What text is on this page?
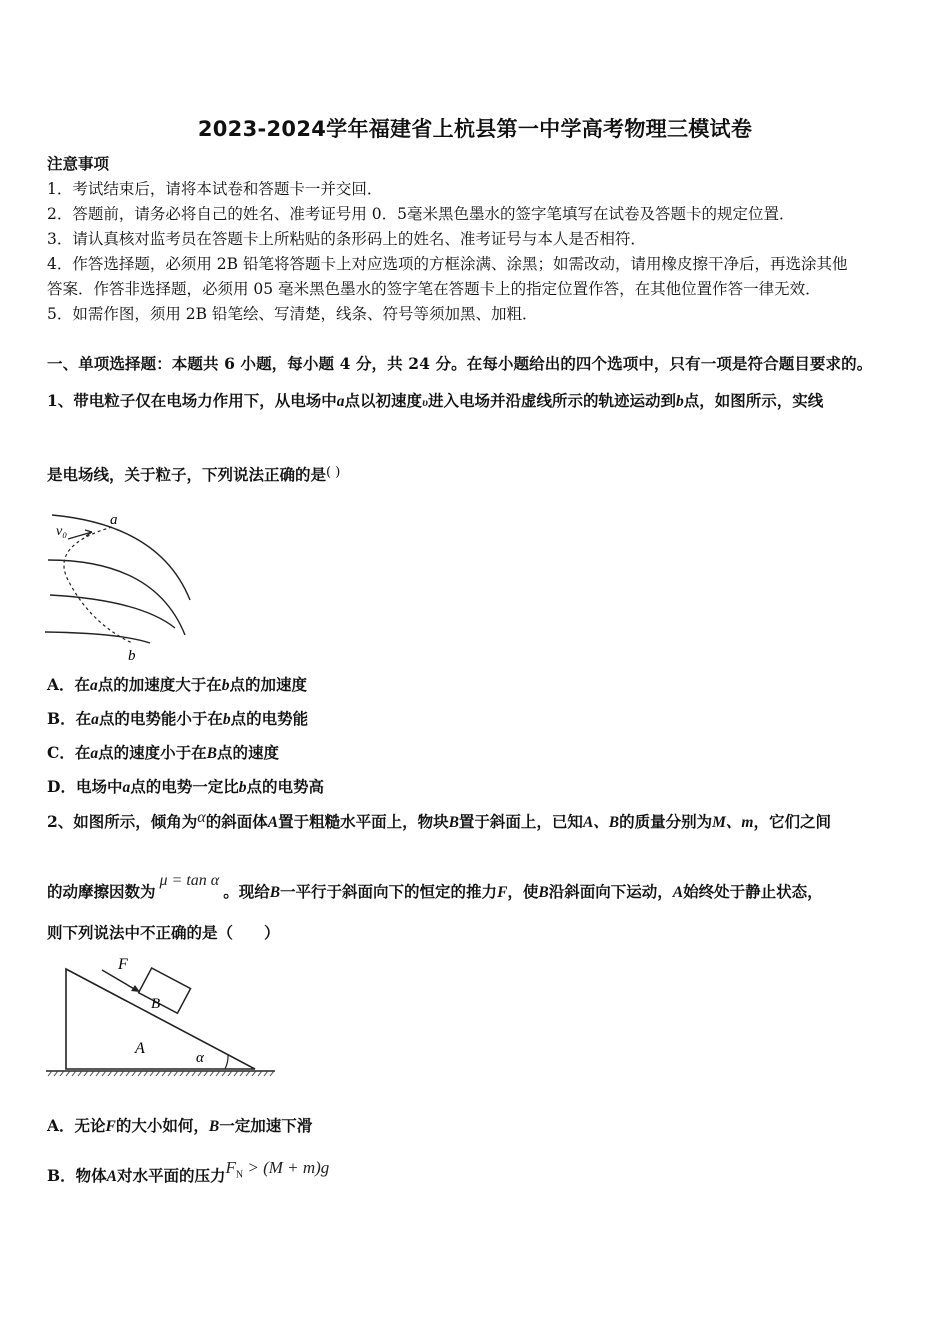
2023-2024学年福建省上杭县第一中学高考物理三模试卷
注意事项
1．考试结束后，请将本试卷和答题卡一并交回．
2．答题前，请务必将自己的姓名、准考证号用 0．5毫米黑色墨水的签字笔填写在试卷及答题卡的规定位置．
3．请认真核对监考员在答题卡上所粘贴的条形码上的姓名、准考证号与本人是否相符．
4．作答选择题，必须用 2B 铅笔将答题卡上对应选项的方框涂满、涂黑；如需改动，请用橡皮擦干净后，再选涂其他
答案．作答非选择题，必须用 05 毫米黑色墨水的签字笔在答题卡上的指定位置作答，在其他位置作答一律无效．
5．如需作图，须用 2B 铅笔绘、写清楚，线条、符号等须加黑、加粗．
一、单项选择题：本题共 6 小题，每小题 4 分，共 24 分。在每小题给出的四个选项中，只有一项是符合题目要求的。
1、带电粒子仅在电场力作用下，从电场中a点以初速度υ进入电场并沿虚线所示的轨迹运动到b点，如图所示，实线
是电场线，关于粒子，下列说法正确的是( )
v₀
a
b
A．在a点的加速度大于在b点的加速度
B．在a点的电势能小于在b点的电势能
C．在a点的速度小于在B点的速度
D．电场中a点的电势一定比b点的电势高
2、如图所示，倾角为α的斜面体A置于粗糙水平面上，物块B置于斜面上，已知A、B的质量分别为M、m，它们之间
的动摩擦因数为μ = tan α。现给B一平行于斜面向下的恒定的推力F，使B沿斜面向下运动，A始终处于静止状态，
则下列说法中不正确的是（　　）
F
B
A
α
A．无论F的大小如何，B一定加速下滑
B．物体A对水平面的压力$F_N > (M + m)g$
